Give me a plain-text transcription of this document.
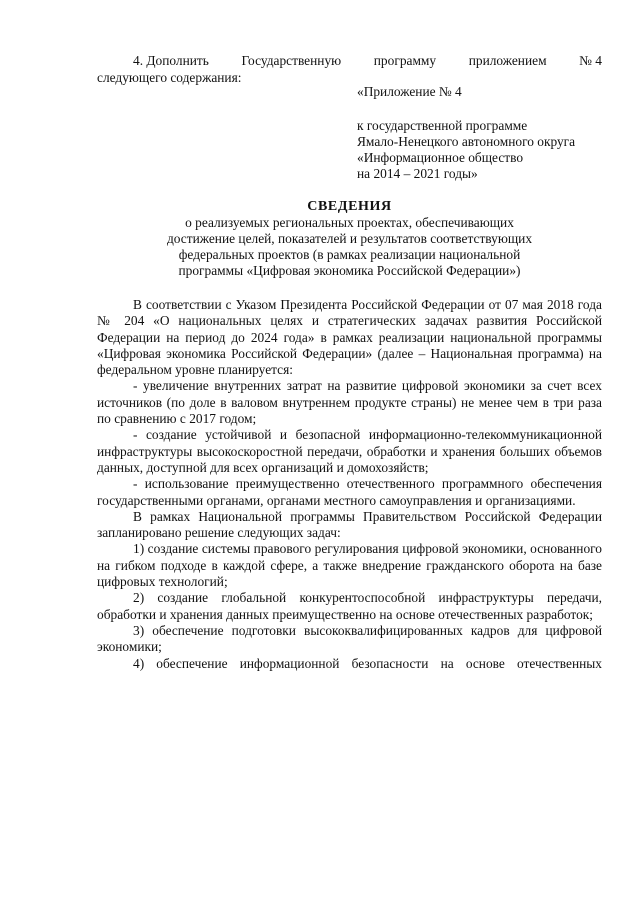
4. Дополнить Государственную программу приложением № 4
следующего содержания:
«Приложение № 4
к государственной программе
Ямало-Ненецкого автономного округа
«Информационное общество
на 2014 – 2021 годы»
СВЕДЕНИЯ
о реализуемых региональных проектах, обеспечивающих
достижение целей, показателей и результатов соответствующих
федеральных проектов (в рамках реализации национальной
программы «Цифровая экономика Российской Федерации»)

В соответствии с Указом Президента Российской Федерации от 07 мая 2018 года № 204 «О национальных целях и стратегических задачах развития Российской Федерации на период до 2024 года» в рамках реализации национальной программы «Цифровая экономика Российской Федерации» (далее – Национальная программа) на федеральном уровне планируется:

- увеличение внутренних затрат на развитие цифровой экономики за счет всех источников (по доле в валовом внутреннем продукте страны) не менее чем в три раза по сравнению с 2017 годом;

- создание устойчивой и безопасной информационно-телекоммуникационной инфраструктуры высокоскоростной передачи, обработки и хранения больших объемов данных, доступной для всех организаций и домохозяйств;

- использование преимущественно отечественного программного обеспечения государственными органами, органами местного самоуправления и организациями.

В рамках Национальной программы Правительством Российской Федерации запланировано решение следующих задач:

1) создание системы правового регулирования цифровой экономики, основанного на гибком подходе в каждой сфере, а также внедрение гражданского оборота на базе цифровых технологий;

2) создание глобальной конкурентоспособной инфраструктуры передачи, обработки и хранения данных преимущественно на основе отечественных разработок;

3) обеспечение подготовки высококвалифицированных кадров для цифровой экономики;

4) обеспечение информационной безопасности на основе отечественных
